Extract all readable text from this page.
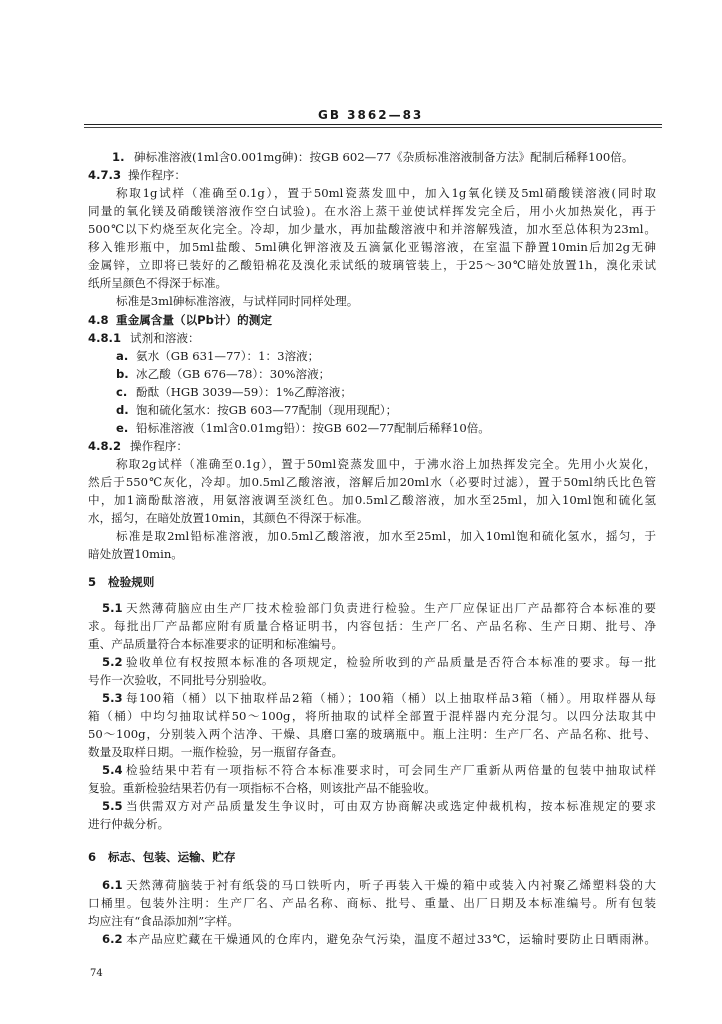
GB 3862—83
1. 砷标准溶液(1ml含0.001mg砷)：按GB 602—77《杂质标准溶液制备方法》配制后稀释100倍。
4.7.3 操作程序：
称取1g试样（准确至0.1g），置于50ml瓷蒸发皿中，加入1g氧化镁及5ml硝酸镁溶液(同时取
同量的氧化镁及硝酸镁溶液作空白试验)。在水浴上蒸干並使试样挥发完全后，用小火加热炭化，再于
500℃以下灼烧至灰化完全。冷却，加少量水，再加盐酸溶液中和并溶解残渣，加水至总体积为23ml。
移入锥形瓶中，加5ml盐酸、5ml碘化钾溶液及五滴氯化亚锡溶液，在室温下静置10min后加2g无砷
金属锌，立即将已装好的乙酸铅棉花及溴化汞试纸的玻璃管装上，于25～30℃暗处放置1h，溴化汞试
纸所呈颜色不得深于标准。
标准是3ml砷标准溶液，与试样同时同样处理。
4.8 重金属含量（以Pb计）的测定
4.8.1 试剂和溶液：
a. 氨水（GB 631—77）：1：3溶液；
b. 冰乙酸（GB 676—78）：30%溶液；
c. 酚酞（HGB 3039—59）：1%乙醇溶液；
d. 饱和硫化氢水：按GB 603—77配制（现用现配）；
e. 铅标准溶液（1ml含0.01mg铅）：按GB 602—77配制后稀释10倍。
4.8.2 操作程序：
称取2g试样（准确至0.1g），置于50ml瓷蒸发皿中，于沸水浴上加热挥发完全。先用小火炭化，
然后于550℃灰化，冷却。加0.5ml乙酸溶液，溶解后加20ml水（必要时过滤），置于50ml纳氏比色管
中，加1滴酚酞溶液，用氨溶液调至淡红色。加0.5ml乙酸溶液，加水至25ml，加入10ml饱和硫化氢
水，摇匀，在暗处放置10min，其颜色不得深于标准。
标准是取2ml铅标准溶液，加0.5ml乙酸溶液，加水至25ml，加入10ml饱和硫化氢水，摇匀，于
暗处放置10min。
5 检验规则
5.1 天然薄荷脑应由生产厂技术检验部门负责进行检验。生产厂应保证出厂产品都符合本标准的要
求。每批出厂产品都应附有质量合格证明书，内容包括：生产厂名、产品名称、生产日期、批号、净
重、产品质量符合本标准要求的证明和标准编号。
5.2 验收单位有权按照本标准的各项规定，检验所收到的产品质量是否符合本标准的要求。每一批
号作一次验收，不同批号分别验收。
5.3 每100箱（桶）以下抽取样品2箱（桶）；100箱（桶）以上抽取样品3箱（桶）。用取样器从每
箱（桶）中均匀抽取试样50～100g，将所抽取的试样全部置于混样器内充分混匀。以四分法取其中
50～100g，分别装入两个洁净、干燥、具磨口塞的玻璃瓶中。瓶上注明：生产厂名、产品名称、批号、
数量及取样日期。一瓶作检验，另一瓶留存备查。
5.4 检验结果中若有一项指标不符合本标准要求时，可会同生产厂重新从两倍量的包装中抽取试样
复验。重新检验结果若仍有一项指标不合格，则该批产品不能验收。
5.5 当供需双方对产品质量发生争议时，可由双方协商解决或选定仲裁机构，按本标准规定的要求
进行仲裁分析。
6 标志、包装、运输、贮存
6.1 天然薄荷脑装于衬有纸袋的马口铁听内，听子再装入干燥的箱中或装入内衬聚乙烯塑料袋的大
口桶里。包装外注明：生产厂名、产品名称、商标、批号、重量、出厂日期及本标准编号。所有包装
均应注有“食品添加剂”字样。
6.2 本产品应贮藏在干燥通风的仓库内，避免杂气污染，温度不超过33℃，运输时要防止日晒雨淋。
74
